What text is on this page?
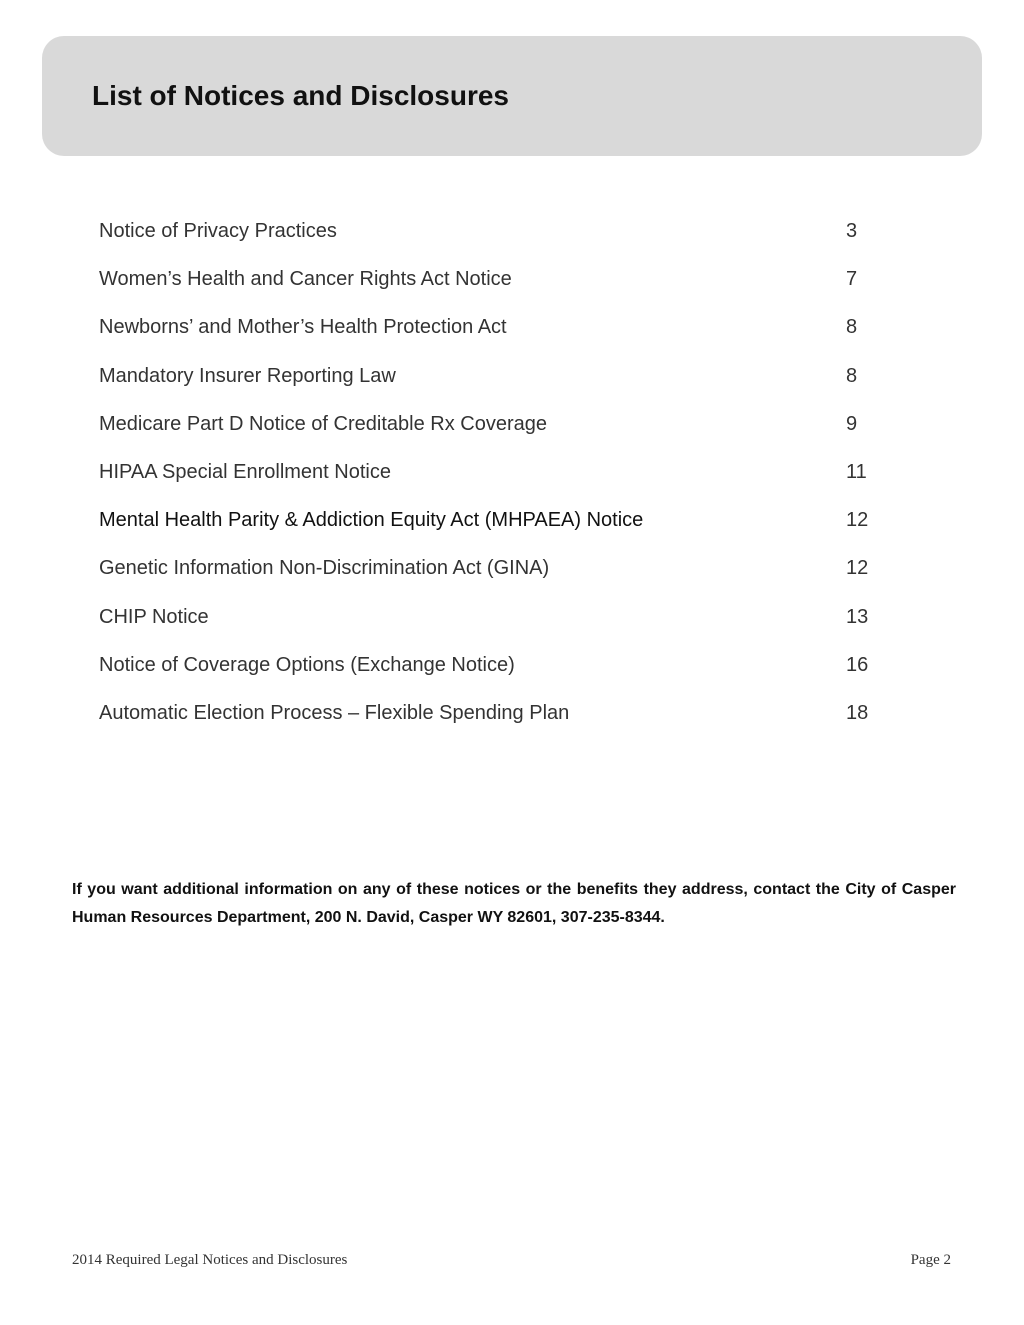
List of Notices and Disclosures
Notice of Privacy Practices	3
Women’s Health and Cancer Rights Act Notice	7
Newborns’ and Mother’s Health Protection Act	8
Mandatory Insurer Reporting Law	8
Medicare Part D Notice of Creditable Rx Coverage	9
HIPAA Special Enrollment Notice	11
Mental Health Parity & Addiction Equity Act (MHPAEA) Notice	12
Genetic Information Non-Discrimination Act (GINA)	12
CHIP Notice	13
Notice of Coverage Options (Exchange Notice)	16
Automatic Election Process – Flexible Spending Plan	18

If you want additional information on any of these notices or the benefits they address, contact the City of Casper Human Resources Department, 200 N. David, Casper WY 82601, 307-235-8344.

2014 Required Legal Notices and Disclosures	Page 2
